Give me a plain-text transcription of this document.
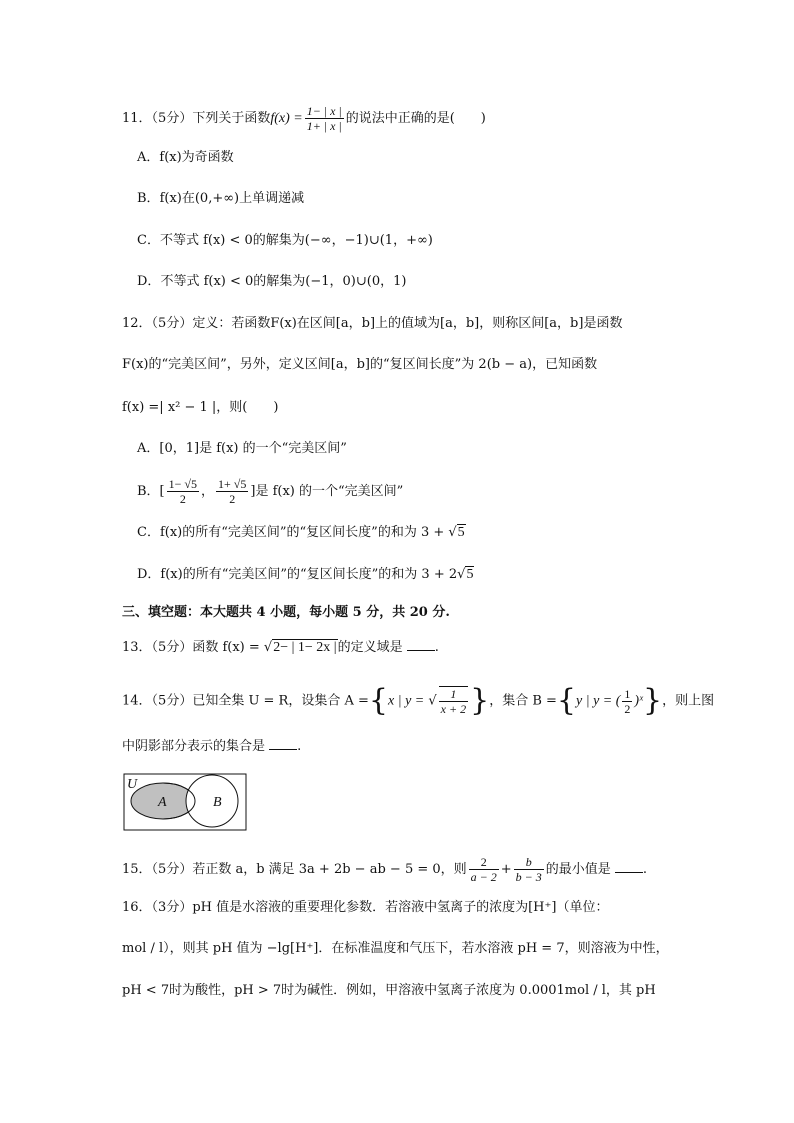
11．（5分）下列关于函数$f(x) = \frac{1- | x |}{1+ | x |}$ 的说法中正确的是(　　)
A．f(x)为奇函数
B．f(x)在(0,+∞)上单调递减
C．不等式 f(x) < 0的解集为(−∞，−1)∪(1，+∞)
D．不等式 f(x) < 0的解集为(−1，0)∪(0，1)
12．（5分）定义：若函数F(x)在区间[a，b]上的值域为[a，b]，则称区间[a，b]是函数
F(x)的“完美区间”，另外，定义区间[a，b]的“复区间长度”为 2(b − a)，已知函数
f(x) =| x² − 1 |，则(　　)
A．[0，1]是 f(x) 的一个“完美区间”
B．[ $\frac{1- √5}{2}$ ， $\frac{1+ √5}{2}$ ]是 f(x) 的一个“完美区间”
C．f(x)的所有“完美区间”的“复区间长度”的和为 3 + √5
D．f(x)的所有“完美区间”的“复区间长度”的和为 3 + 2√5
三、填空题：本大题共 4 小题，每小题 5 分，共 20 分.
13．（5分）函数 f(x) = √2− | 1− 2x |的定义域是 .
14．（5分）已知全集 U = R，设集合 A ={x | y = √ $\frac{1}{x + 2}$ }，集合 B ={y | y = ( $\frac{1}{2}$ )ˣ}，则上图
中阴影部分表示的集合是 .
U
A	B
15．（5分）若正数 a，b 满足 3a + 2b − ab − 5 = 0，则 $\frac{2}{a - 2} + \frac{b}{b - 3}$ 的最小值是 .
16．（3分）pH 值是水溶液的重要理化参数．若溶液中氢离子的浓度为[H⁺]（单位：
mol / l），则其 pH 值为 −lg[H⁺]．在标准温度和气压下，若水溶液 pH = 7，则溶液为中性，
pH < 7时为酸性，pH > 7时为碱性．例如，甲溶液中氢离子浓度为 0.0001mol / l，其 pH
